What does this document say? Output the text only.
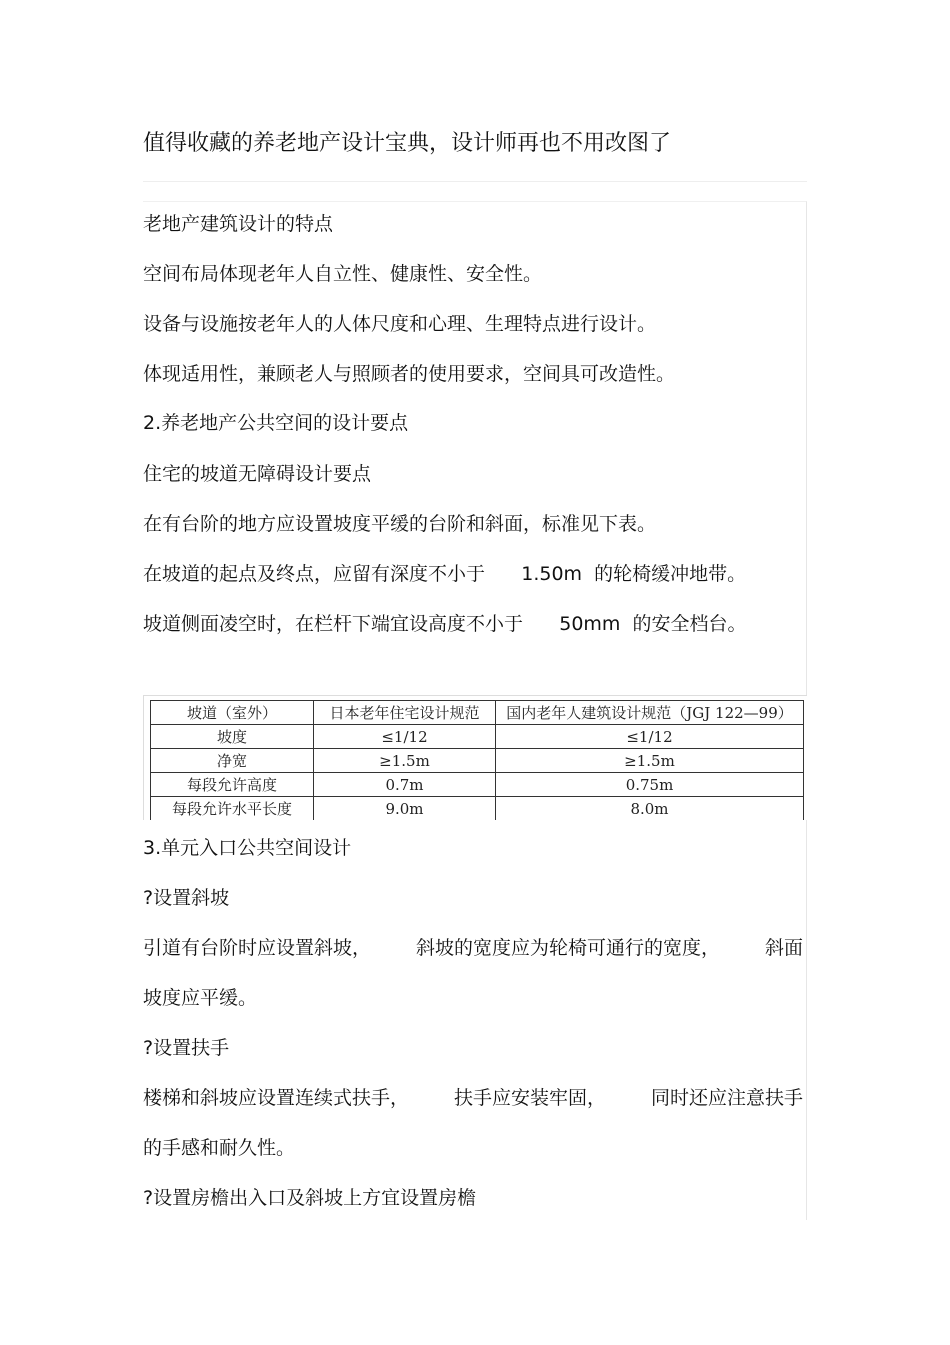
值得收藏的养老地产设计宝典，设计师再也不用改图了
老地产建筑设计的特点
空间布局体现老年人自立性、健康性、安全性。
设备与设施按老年人的人体尺度和心理、生理特点进行设计。
体现适用性，兼顾老人与照顾者的使用要求，空间具可改造性。
2.养老地产公共空间的设计要点
住宅的坡道无障碍设计要点
在有台阶的地方应设置坡度平缓的台阶和斜面，标准见下表。
在坡道的起点及终点，应留有深度不小于      1.50m  的轮椅缓冲地带。
坡道侧面凌空时，在栏杆下端宜设高度不小于      50mm  的安全档台。
坡道（室外）	日本老年住宅设计规范	国内老年人建筑设计规范（JGJ 122—99）
坡度	≤1/12	≤1/12
净宽	≥1.5m	≥1.5m
每段允许高度	0.7m	0.75m
每段允许水平长度	9.0m	8.0m
3.单元入口公共空间设计
?设置斜坡
引道有台阶时应设置斜坡， 斜坡的宽度应为轮椅可通行的宽度， 斜面
坡度应平缓。
?设置扶手
楼梯和斜坡应设置连续式扶手， 扶手应安装牢固， 同时还应注意扶手
的手感和耐久性。
?设置房檐出入口及斜坡上方宜设置房檐
